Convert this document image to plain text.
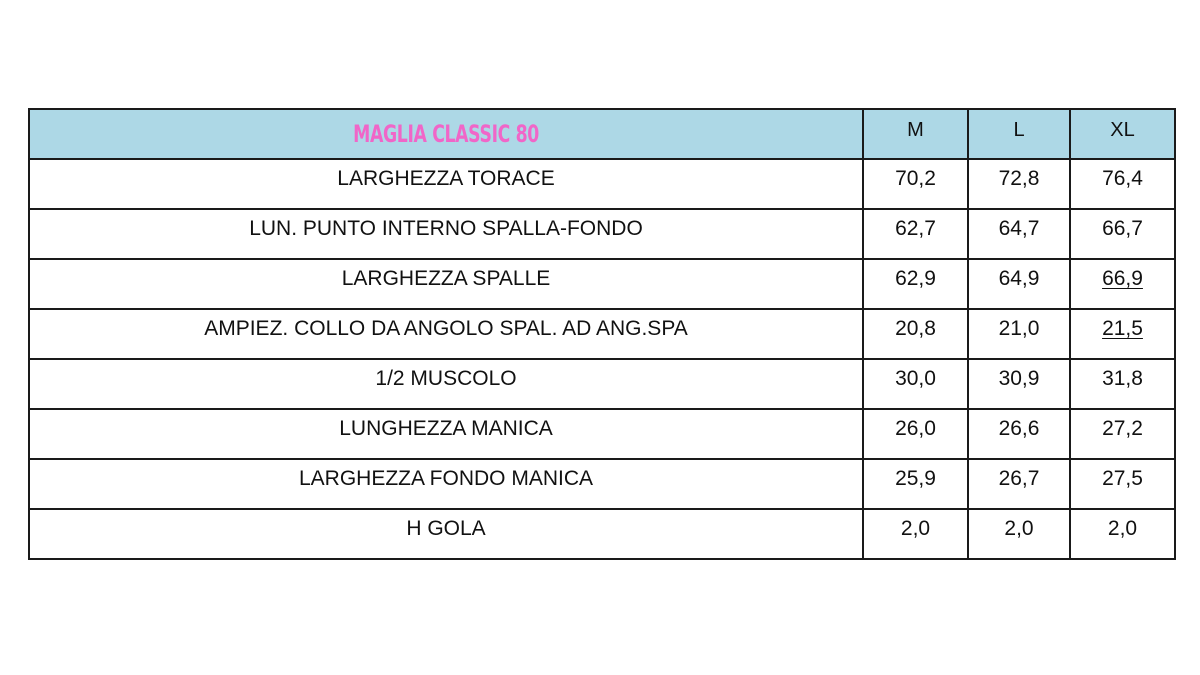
MAGLIA CLASSIC 80	M	L	XL
LARGHEZZA TORACE	70,2	72,8	76,4
LUN. PUNTO INTERNO SPALLA-FONDO	62,7	64,7	66,7
LARGHEZZA SPALLE	62,9	64,9	66,9
AMPIEZ. COLLO DA ANGOLO SPAL. AD ANG.SPA	20,8	21,0	21,5
1/2 MUSCOLO	30,0	30,9	31,8
LUNGHEZZA MANICA	26,0	26,6	27,2
LARGHEZZA FONDO MANICA	25,9	26,7	27,5
H GOLA	2,0	2,0	2,0
